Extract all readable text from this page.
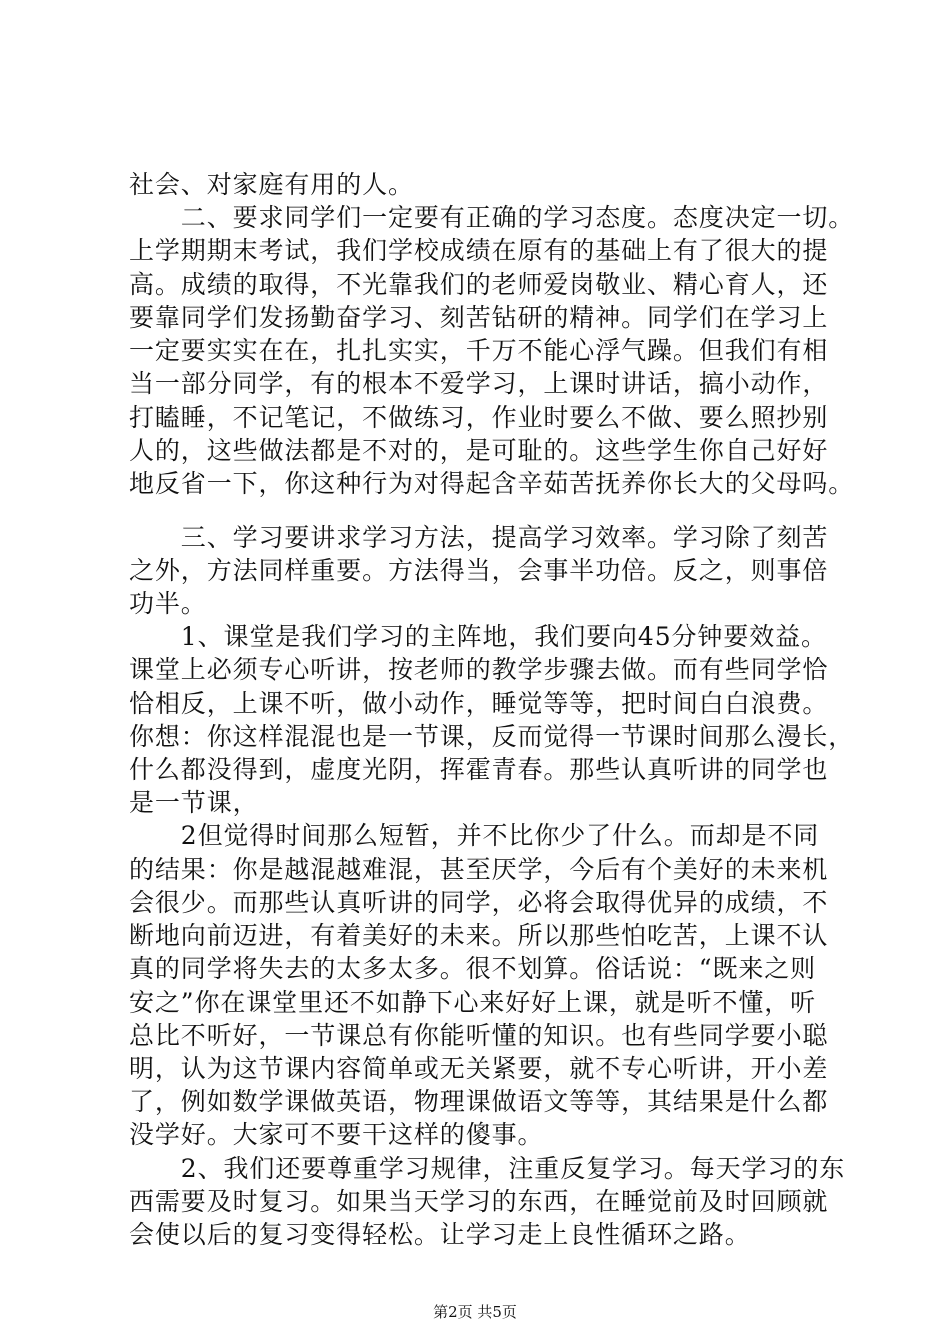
社会、对家庭有用的人。
　　二、要求同学们一定要有正确的学习态度。态度决定一切。
上学期期末考试，我们学校成绩在原有的基础上有了很大的提
高。成绩的取得，不光靠我们的老师爱岗敬业、精心育人，还
要靠同学们发扬勤奋学习、刻苦钻研的精神。同学们在学习上
一定要实实在在，扎扎实实，千万不能心浮气躁。但我们有相
当一部分同学，有的根本不爱学习，上课时讲话，搞小动作，
打瞌睡，不记笔记，不做练习，作业时要么不做、要么照抄别
人的，这些做法都是不对的，是可耻的。这些学生你自己好好
地反省一下，你这种行为对得起含辛茹苦抚养你长大的父母吗。
　　三、学习要讲求学习方法，提高学习效率。学习除了刻苦
之外，方法同样重要。方法得当，会事半功倍。反之，则事倍
功半。
　　1、课堂是我们学习的主阵地，我们要向45分钟要效益。
课堂上必须专心听讲，按老师的教学步骤去做。而有些同学恰
恰相反，上课不听，做小动作，睡觉等等，把时间白白浪费。
你想：你这样混混也是一节课，反而觉得一节课时间那么漫长，
什么都没得到，虚度光阴，挥霍青春。那些认真听讲的同学也
是一节课，
　　2但觉得时间那么短暂，并不比你少了什么。而却是不同
的结果：你是越混越难混，甚至厌学，今后有个美好的未来机
会很少。而那些认真听讲的同学，必将会取得优异的成绩，不
断地向前迈进，有着美好的未来。所以那些怕吃苦，上课不认
真的同学将失去的太多太多。很不划算。俗话说：“既来之则
安之”你在课堂里还不如静下心来好好上课，就是听不懂，听
总比不听好，一节课总有你能听懂的知识。也有些同学要小聪
明，认为这节课内容简单或无关紧要，就不专心听讲，开小差
了，例如数学课做英语，物理课做语文等等，其结果是什么都
没学好。大家可不要干这样的傻事。
　　2、我们还要尊重学习规律，注重反复学习。每天学习的东
西需要及时复习。如果当天学习的东西，在睡觉前及时回顾就
会使以后的复习变得轻松。让学习走上良性循环之路。
第2页 共5页
